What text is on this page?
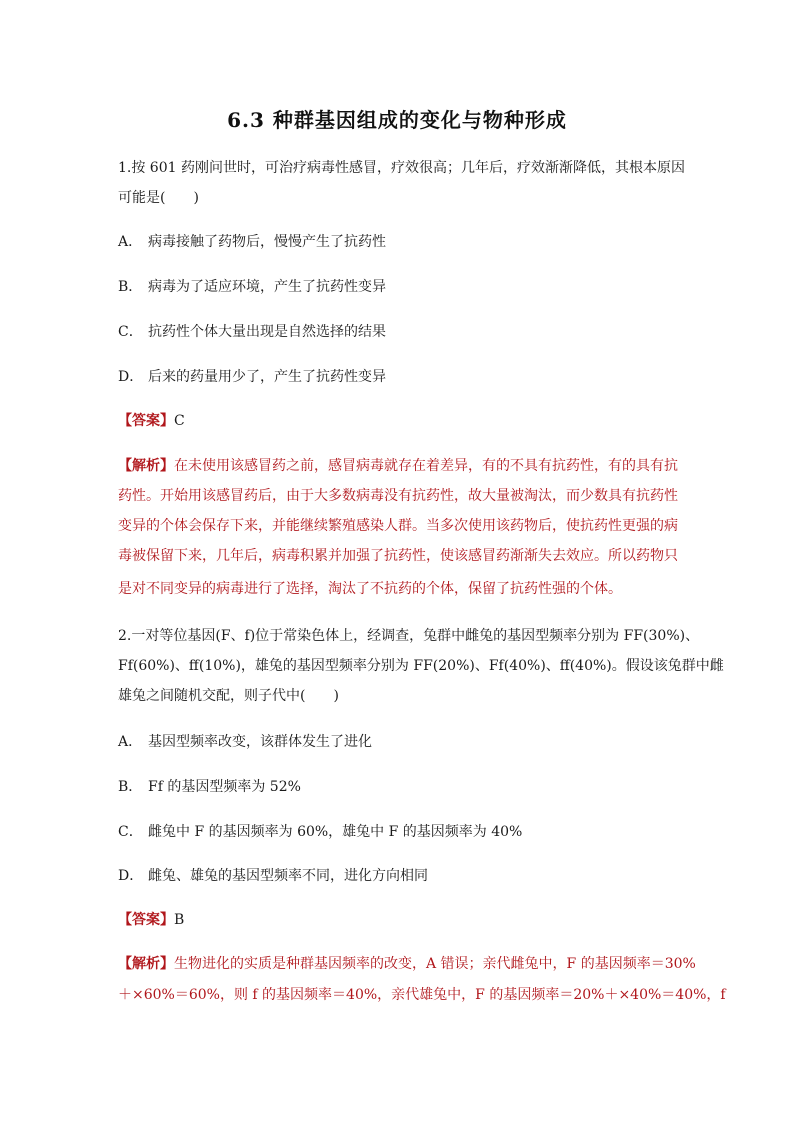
6.3 种群基因组成的变化与物种形成
1.按 601 药刚问世时，可治疗病毒性感冒，疗效很高；几年后，疗效渐渐降低，其根本原因
可能是(　　)
A． 病毒接触了药物后，慢慢产生了抗药性
B． 病毒为了适应环境，产生了抗药性变异
C． 抗药性个体大量出现是自然选择的结果
D． 后来的药量用少了，产生了抗药性变异
【答案】C
【解析】在未使用该感冒药之前，感冒病毒就存在着差异，有的不具有抗药性，有的具有抗
药性。开始用该感冒药后，由于大多数病毒没有抗药性，故大量被淘汰，而少数具有抗药性
变异的个体会保存下来，并能继续繁殖感染人群。当多次使用该药物后，使抗药性更强的病
毒被保留下来，几年后，病毒积累并加强了抗药性，使该感冒药渐渐失去效应。所以药物只
是对不同变异的病毒进行了选择，淘汰了不抗药的个体，保留了抗药性强的个体。
2.一对等位基因(F、f)位于常染色体上，经调查，兔群中雌兔的基因型频率分别为 FF(30%)、
Ff(60%)、ff(10%)，雄兔的基因型频率分别为 FF(20%)、Ff(40%)、ff(40%)。假设该兔群中雌
雄兔之间随机交配，则子代中(　　)
A． 基因型频率改变，该群体发生了进化
B． Ff 的基因型频率为 52%
C． 雌兔中 F 的基因频率为 60%，雄兔中 F 的基因频率为 40%
D． 雌兔、雄兔的基因型频率不同，进化方向相同
【答案】B
【解析】生物进化的实质是种群基因频率的改变，A 错误；亲代雌兔中，F 的基因频率＝30%
＋×60%＝60%，则 f 的基因频率＝40%，亲代雄兔中，F 的基因频率＝20%＋×40%＝40%，f
